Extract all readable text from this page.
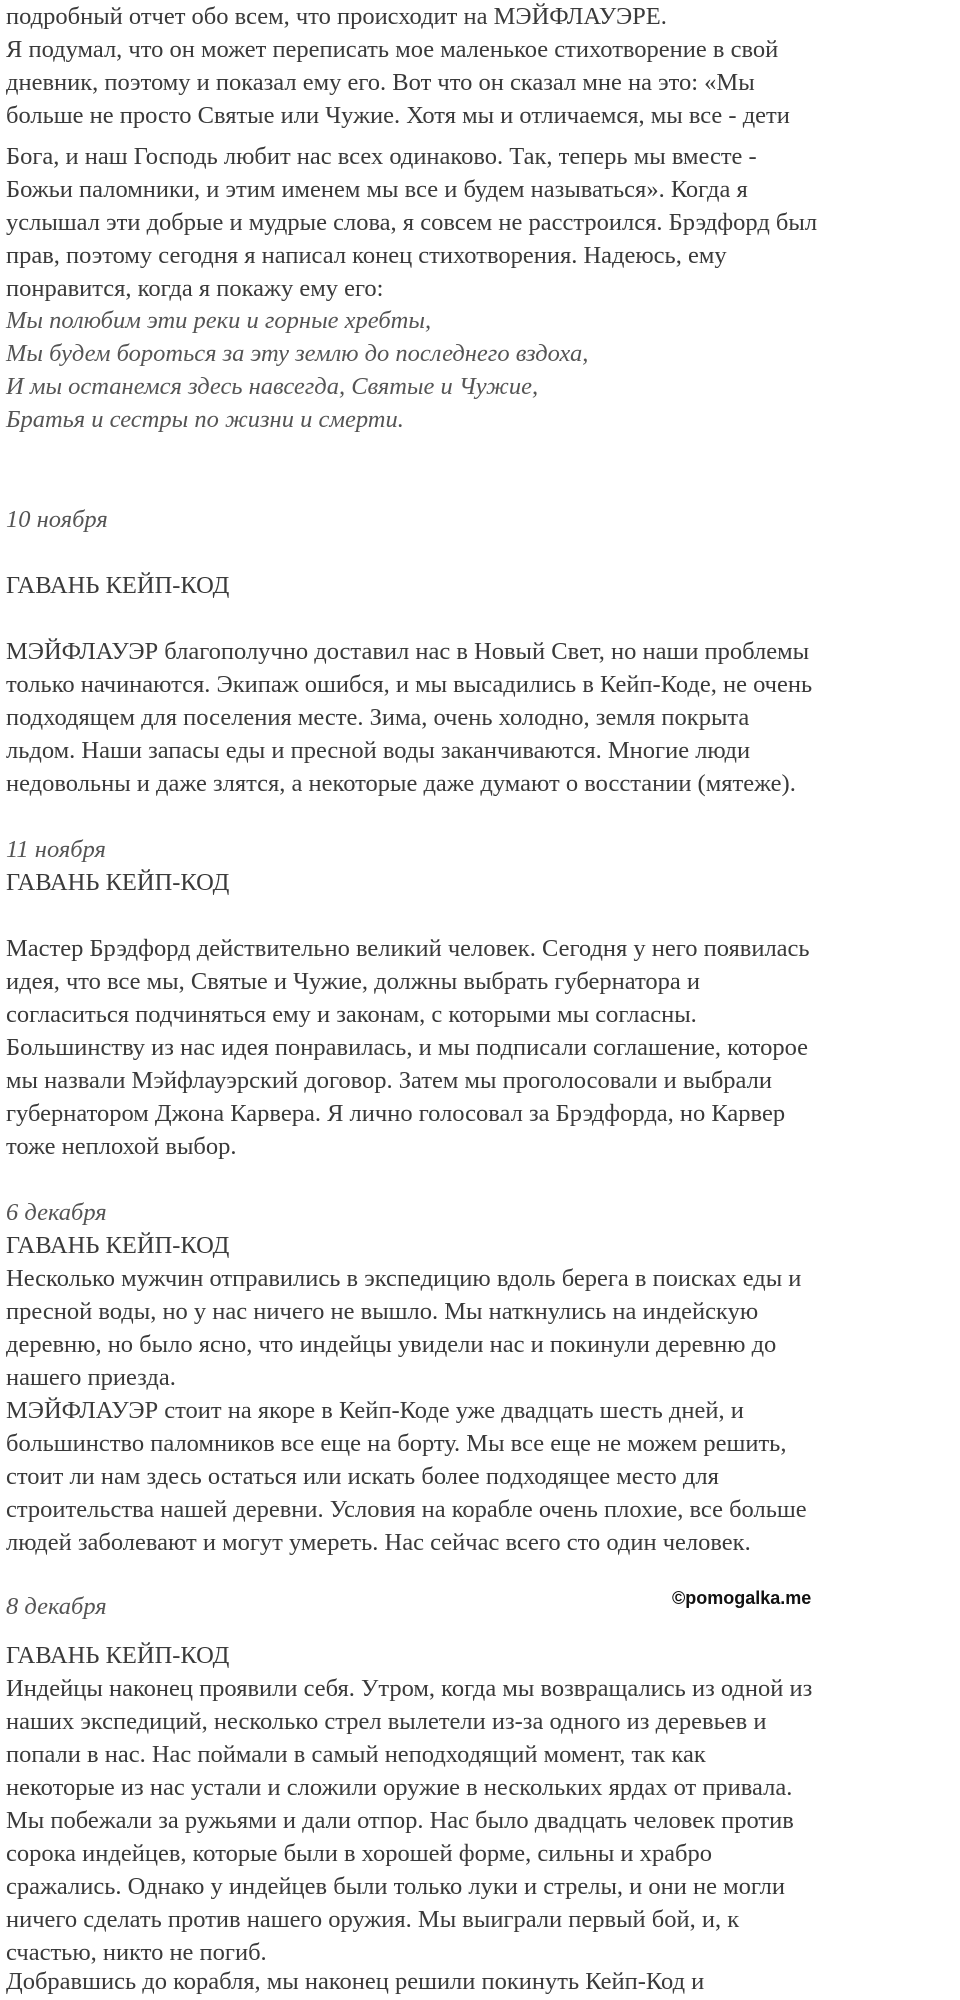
подробный отчет обо всем, что происходит на МЭЙФЛАУЭРЕ.

Я подумал, что он может переписать мое маленькое стихотворение в свой

дневник, поэтому и показал ему его. Вот что он сказал мне на это: «Мы

больше не просто Святые или Чужие. Хотя мы и отличаемся, мы все - дети

Бога, и наш Господь любит нас всех одинаково. Так, теперь мы вместе -

Божьи паломники, и этим именем мы все и будем называться». Когда я

услышал эти добрые и мудрые слова, я совсем не расстроился. Брэдфорд был

прав, поэтому сегодня я написал конец стихотворения. Надеюсь, ему

понравится, когда я покажу ему его:

Мы полюбим эти реки и горные хребты,

Мы будем бороться за эту землю до последнего вздоха,

И мы останемся здесь навсегда, Святые и Чужие,

Братья и сестры по жизни и смерти.

10 ноября

ГАВАНЬ КЕЙП-КОД

МЭЙФЛАУЭР благополучно доставил нас в Новый Свет, но наши проблемы

только начинаются. Экипаж ошибся, и мы высадились в Кейп-Коде, не очень

подходящем для поселения месте. Зима, очень холодно, земля покрыта

льдом. Наши запасы еды и пресной воды заканчиваются. Многие люди

недовольны и даже злятся, а некоторые даже думают о восстании (мятеже).

11 ноября

ГАВАНЬ КЕЙП-КОД

Мастер Брэдфорд действительно великий человек. Сегодня у него появилась

идея, что все мы, Святые и Чужие, должны выбрать губернатора и

согласиться подчиняться ему и законам, с которыми мы согласны.

Большинству из нас идея понравилась, и мы подписали соглашение, которое

мы назвали Мэйфлауэрский договор. Затем мы проголосовали и выбрали

губернатором Джона Карвера. Я лично голосовал за Брэдфорда, но Карвер

тоже неплохой выбор.

6 декабря

ГАВАНЬ КЕЙП-КОД

Несколько мужчин отправились в экспедицию вдоль берега в поисках еды и

пресной воды, но у нас ничего не вышло. Мы наткнулись на индейскую

деревню, но было ясно, что индейцы увидели нас и покинули деревню до

нашего приезда.

МЭЙФЛАУЭР стоит на якоре в Кейп-Коде уже двадцать шесть дней, и

большинство паломников все еще на борту. Мы все еще не можем решить,

стоит ли нам здесь остаться или искать более подходящее место для

строительства нашей деревни. Условия на корабле очень плохие, все больше

людей заболевают и могут умереть. Нас сейчас всего сто один человек.

8 декабря

ГАВАНЬ КЕЙП-КОД

Индейцы наконец проявили себя. Утром, когда мы возвращались из одной из

наших экспедиций, несколько стрел вылетели из-за одного из деревьев и

попали в нас. Нас поймали в самый неподходящий момент, так как

некоторые из нас устали и сложили оружие в нескольких ярдах от привала.

Мы побежали за ружьями и дали отпор. Нас было двадцать человек против

сорока индейцев, которые были в хорошей форме, сильны и храбро

сражались. Однако у индейцев были только луки и стрелы, и они не могли

ничего сделать против нашего оружия. Мы выиграли первый бой, и, к

счастью, никто не погиб.

Добравшись до корабля, мы наконец решили покинуть Кейп-Код и

©pomogalka.me
